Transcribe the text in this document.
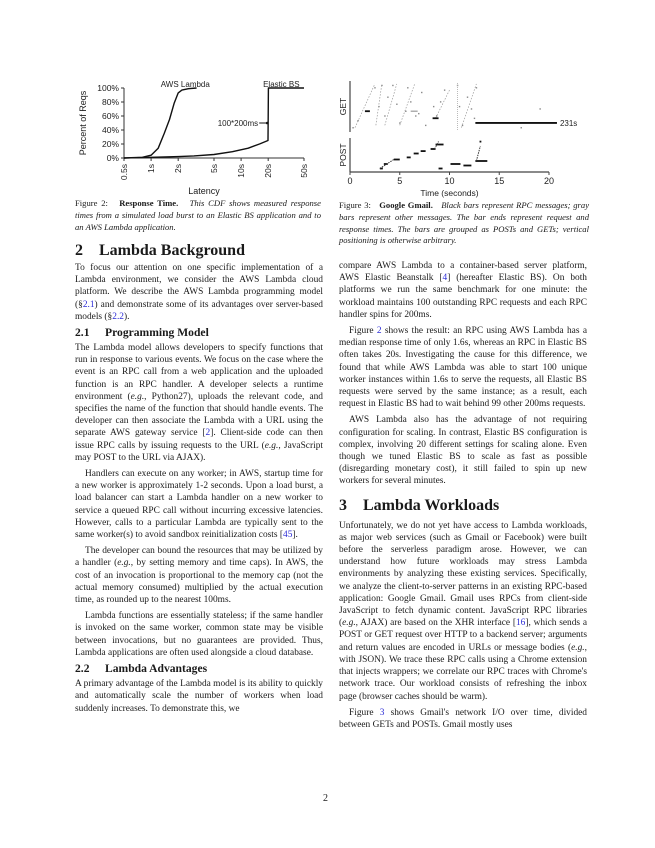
0%
20%
40%
60%
80%
100%
0.5s 1s 2s	5s 10s 20s	50s
Percent of Reqs
Latency
AWS Lambda	Elastic BS
100*200ms
0	5	10	15	20
GET
POST
Time (seconds)
231s
Figure 2: Response Time. This CDF shows measured response times from a simulated load burst to an Elastic BS application and to an AWS Lambda application.
Figure 3: Google Gmail. Black bars represent RPC messages; gray bars represent other messages. The bar ends represent request and response times. The bars are grouped as POSTs and GETs; vertical positioning is otherwise arbitrary.
2 Lambda Background

To focus our attention on one specific implementation of a Lambda environment, we consider the AWS Lambda cloud platform. We describe the AWS Lambda programming model (§2.1) and demonstrate some of its advantages over server-based models (§2.2).

2.1 Programming Model

The Lambda model allows developers to specify functions that run in response to various events. We focus on the case where the event is an RPC call from a web application and the uploaded function is an RPC handler. A developer selects a runtime environment (e.g., Python27), uploads the relevant code, and specifies the name of the function that should handle events. The developer can then associate the Lambda with a URL using the separate AWS gateway service [2]. Client-side code can then issue RPC calls by issuing requests to the URL (e.g., JavaScript may POST to the URL via AJAX).

Handlers can execute on any worker; in AWS, startup time for a new worker is approximately 1-2 seconds. Upon a load burst, a load balancer can start a Lambda handler on a new worker to service a queued RPC call without incurring excessive latencies. However, calls to a particular Lambda are typically sent to the same worker(s) to avoid sandbox reinitialization costs [45].

The developer can bound the resources that may be utilized by a handler (e.g., by setting memory and time caps). In AWS, the cost of an invocation is proportional to the memory cap (not the actual memory consumed) multiplied by the actual execution time, as rounded up to the nearest 100ms.

Lambda functions are essentially stateless; if the same handler is invoked on the same worker, common state may be visible between invocations, but no guarantees are provided. Thus, Lambda applications are often used alongside a cloud database.

2.2 Lambda Advantages

A primary advantage of the Lambda model is its ability to quickly and automatically scale the number of workers when load suddenly increases. To demonstrate this, we

compare AWS Lambda to a container-based server platform, AWS Elastic Beanstalk [4] (hereafter Elastic BS). On both platforms we run the same benchmark for one minute: the workload maintains 100 outstanding RPC requests and each RPC handler spins for 200ms.

Figure 2 shows the result: an RPC using AWS Lambda has a median response time of only 1.6s, whereas an RPC in Elastic BS often takes 20s. Investigating the cause for this difference, we found that while AWS Lambda was able to start 100 unique worker instances within 1.6s to serve the requests, all Elastic BS requests were served by the same instance; as a result, each request in Elastic BS had to wait behind 99 other 200ms requests.

AWS Lambda also has the advantage of not requiring configuration for scaling. In contrast, Elastic BS configuration is complex, involving 20 different settings for scaling alone. Even though we tuned Elastic BS to scale as fast as possible (disregarding monetary cost), it still failed to spin up new workers for several minutes.

3 Lambda Workloads

Unfortunately, we do not yet have access to Lambda workloads, as major web services (such as Gmail or Facebook) were built before the serverless paradigm arose. However, we can understand how future workloads may stress Lambda environments by analyzing these existing services. Specifically, we analyze the client-to-server patterns in an existing RPC-based application: Google Gmail. Gmail uses RPCs from client-side JavaScript to fetch dynamic content. JavaScript RPC libraries (e.g., AJAX) are based on the XHR interface [16], which sends a POST or GET request over HTTP to a backend server; arguments and return values are encoded in URLs or message bodies (e.g., with JSON). We trace these RPC calls using a Chrome extension that injects wrappers; we correlate our RPC traces with Chrome's network trace. Our workload consists of refreshing the inbox page (browser caches should be warm).

Figure 3 shows Gmail's network I/O over time, divided between GETs and POSTs. Gmail mostly uses

2
